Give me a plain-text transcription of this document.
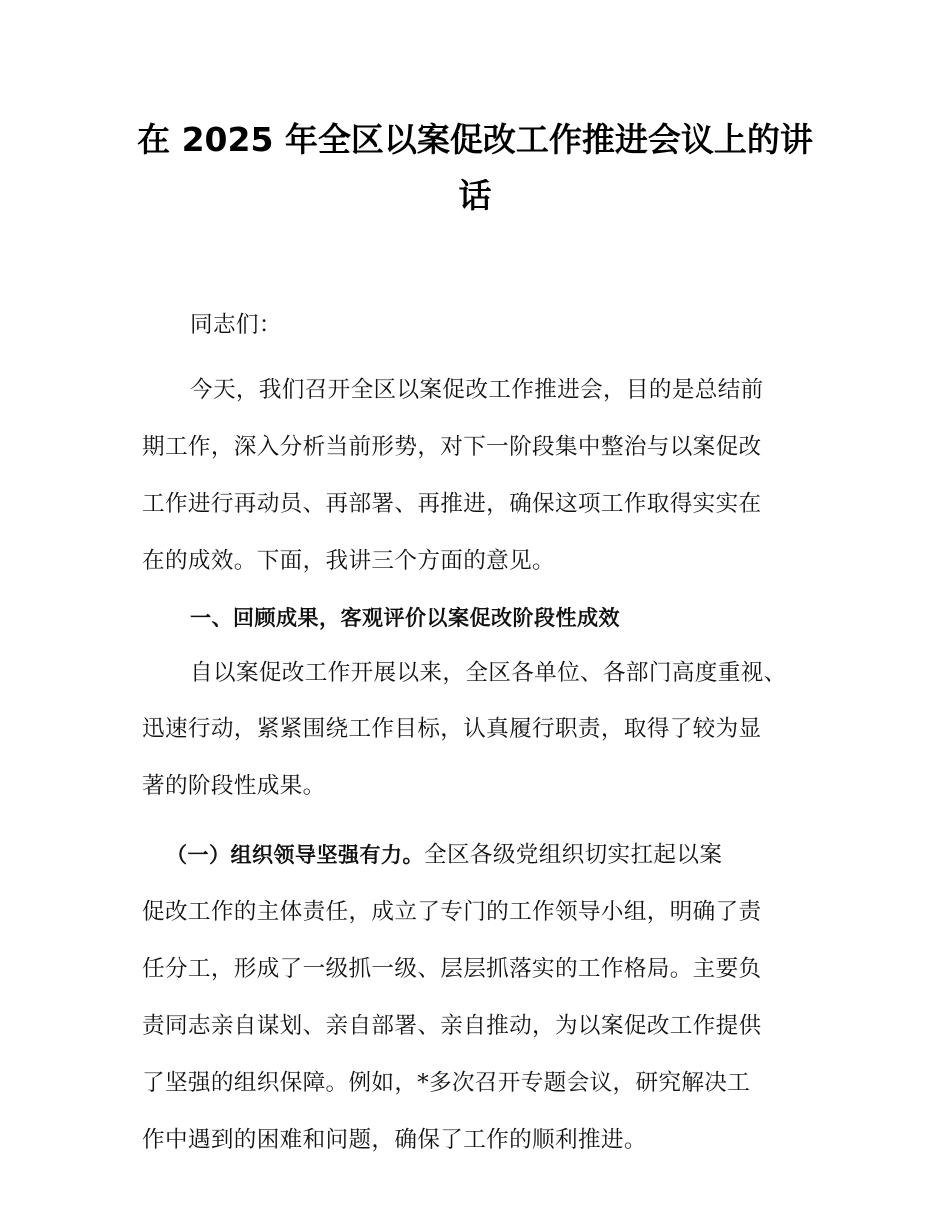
在 2025 年全区以案促改工作推进会议上的讲
话
同志们：
今天，我们召开全区以案促改工作推进会，目的是总结前
期工作，深入分析当前形势，对下一阶段集中整治与以案促改
工作进行再动员、再部署、再推进，确保这项工作取得实实在
在的成效。下面，我讲三个方面的意见。
一、回顾成果，客观评价以案促改阶段性成效
自以案促改工作开展以来，全区各单位、各部门高度重视、
迅速行动，紧紧围绕工作目标，认真履行职责，取得了较为显
著的阶段性成果。
（一）组织领导坚强有力。全区各级党组织切实扛起以案
促改工作的主体责任，成立了专门的工作领导小组，明确了责
任分工，形成了一级抓一级、层层抓落实的工作格局。主要负
责同志亲自谋划、亲自部署、亲自推动，为以案促改工作提供
了坚强的组织保障。例如，*多次召开专题会议，研究解决工
作中遇到的困难和问题，确保了工作的顺利推进。
